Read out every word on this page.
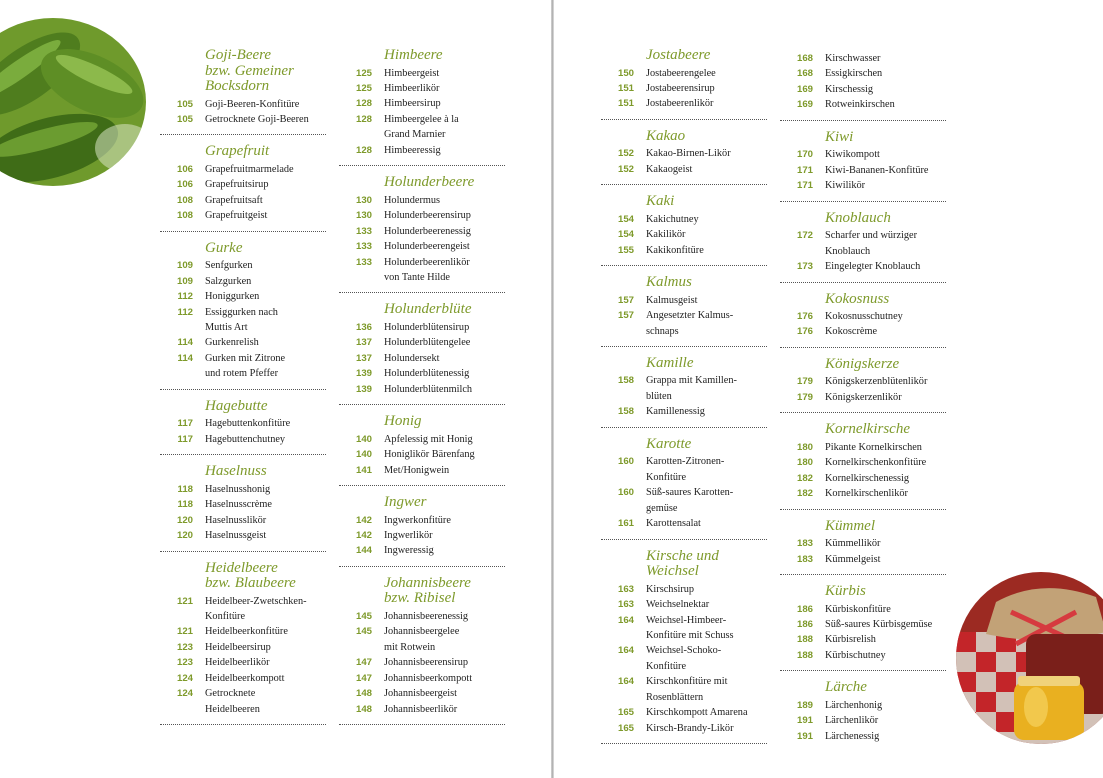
Goji-Beere
bzw. Gemeiner
Bocksdorn
105	Goji-Beeren-Konfitüre
105	Getrocknete Goji-Beeren
Grapefruit
106	Grapefruitmarmelade
106	Grapefruitsirup
108	Grapefruitsaft
108	Grapefruitgeist
Gurke
109	Senfgurken
109	Salzgurken
112	Honiggurken
112	Essiggurken nach
Muttis Art
114	Gurkenrelish
114	Gurken mit Zitrone
und rotem Pfeffer
Hagebutte
117	Hagebuttenkonfitüre
117	Hagebuttenchutney
Haselnuss
118	Haselnusshonig
118	Haselnusscrème
120	Haselnusslikör
120	Haselnussgeist
Heidelbeere
bzw. Blaubeere
121	Heidelbeer-Zwetschken-
Konfitüre
121	Heidelbeerkonfitüre
123	Heidelbeersirup
123	Heidelbeerlikör
124	Heidelbeerkompott
124	Getrocknete
Heidelbeeren
Himbeere
125	Himbeergeist
125	Himbeerlikör
128	Himbeersirup
128	Himbeergelee à la
Grand Marnier
128	Himbeeressig
Holunderbeere
130	Holundermus
130	Holunderbeerensirup
133	Holunderbeerenessig
133	Holunderbeerengeist
133	Holunderbeerenlikör
von Tante Hilde
Holunderblüte
136	Holunderblütensirup
137	Holunderblütengelee
137	Holundersekt
139	Holunderblütenessig
139	Holunderblütenmilch
Honig
140	Apfelessig mit Honig
140	Honiglikör Bärenfang
141	Met/Honigwein
Ingwer
142	Ingwerkonfitüre
142	Ingwerlikör
144	Ingweressig
Johannisbeere
bzw. Ribisel
145	Johannisbeerenessig
145	Johannisbeergelee
mit Rotwein
147	Johannisbeerensirup
147	Johannisbeerkompott
148	Johannisbeergeist
148	Johannisbeerlikör
Jostabeere
150	Jostabeerengelee
151	Jostabeerensirup
151	Jostabeerenlikör
Kakao
152	Kakao-Birnen-Likör
152	Kakaogeist
Kaki
154	Kakichutney
154	Kakilikör
155	Kakikonfitüre
Kalmus
157	Kalmusgeist
157	Angesetzter Kalmus-
schnaps
Kamille
158	Grappa mit Kamillen-
blüten
158	Kamillenessig
Karotte
160	Karotten-Zitronen-
Konfitüre
160	Süß-saures Karotten-
gemüse
161	Karottensalat
Kirsche und
Weichsel
163	Kirschsirup
163	Weichselnektar
164	Weichsel-Himbeer-
Konfitüre mit Schuss
164	Weichsel-Schoko-
Konfitüre
164	Kirschkonfitüre mit
Rosenblättern
165	Kirschkompott Amarena
165	Kirsch-Brandy-Likör
168	Kirschwasser
168	Essigkirschen
169	Kirschessig
169	Rotweinkirschen
Kiwi
170	Kiwikompott
171	Kiwi-Bananen-Konfitüre
171	Kiwilikör
Knoblauch
172	Scharfer und würziger
Knoblauch
173	Eingelegter Knoblauch
Kokosnuss
176	Kokosnusschutney
176	Kokoscrème
Königskerze
179	Königskerzenblütenlikör
179	Königskerzenlikör
Kornelkirsche
180	Pikante Kornelkirschen
180	Kornelkirschenkonfitüre
182	Kornelkirschenessig
182	Kornelkirschenlikör
Kümmel
183	Kümmellikör
183	Kümmelgeist
Kürbis
186	Kürbiskonfitüre
186	Süß-saures Kürbisgemüse
188	Kürbisrelish
188	Kürbischutney
Lärche
189	Lärchenhonig
191	Lärchenlikör
191	Lärchenessig
